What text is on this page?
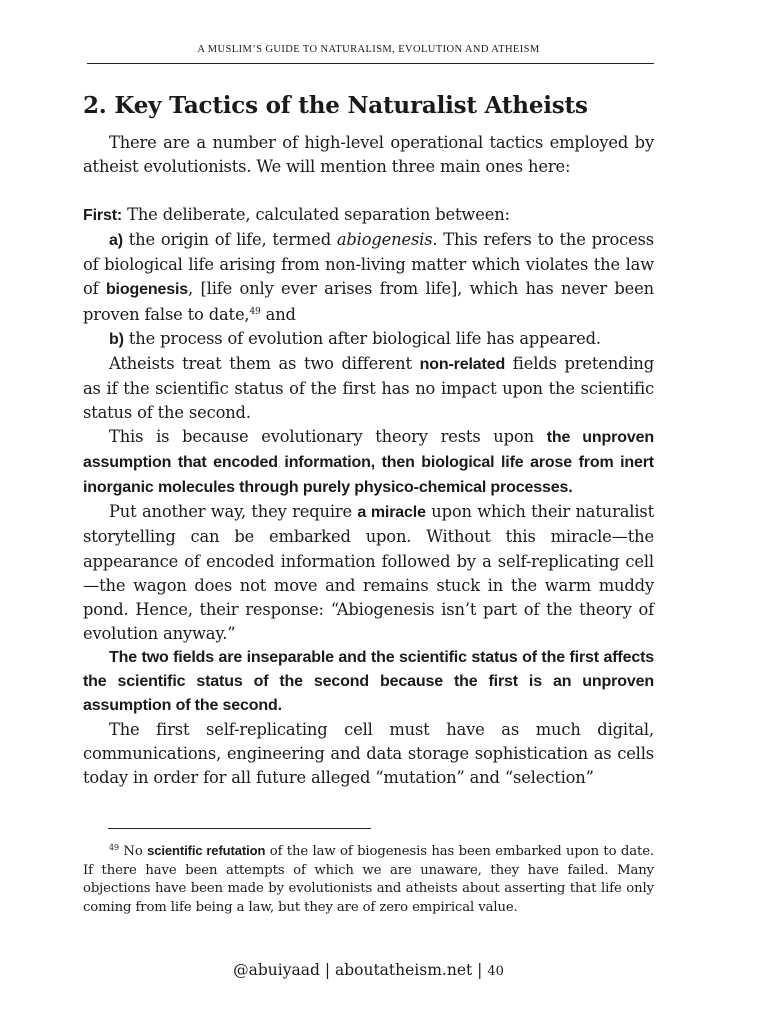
A MUSLIM’S GUIDE TO NATURALISM, EVOLUTION AND ATHEISM
2. Key Tactics of the Naturalist Atheists

There are a number of high-level operational tactics employed by atheist evolutionists. We will mention three main ones here:

First: The deliberate, calculated separation between:

a) the origin of life, termed abiogenesis. This refers to the process of biological life arising from non-living matter which violates the law of biogenesis, [life only ever arises from life], which has never been proven false to date,$^{49}$ and

b) the process of evolution after biological life has appeared.

Atheists treat them as two different non-related fields pretending as if the scientific status of the first has no impact upon the scientific status of the second.

This is because evolutionary theory rests upon the unproven assumption that encoded information, then biological life arose from inert inorganic molecules through purely physico-chemical processes.

Put another way, they require a miracle upon which their naturalist storytelling can be embarked upon. Without this miracle—the appearance of encoded information followed by a self-replicating cell—the wagon does not move and remains stuck in the warm muddy pond. Hence, their response: “Abiogenesis isn’t part of the theory of evolution anyway.”

The two fields are inseparable and the scientific status of the first affects the scientific status of the second because the first is an unproven assumption of the second.

The first self-replicating cell must have as much digital, communications, engineering and data storage sophistication as cells today in order for all future alleged “mutation” and “selection”

$^{49}$ No scientific refutation of the law of biogenesis has been embarked upon to date. If there have been attempts of which we are unaware, they have failed. Many objections have been made by evolutionists and atheists about asserting that life only coming from life being a law, but they are of zero empirical value.

@abuiyaad | aboutatheism.net | 40
